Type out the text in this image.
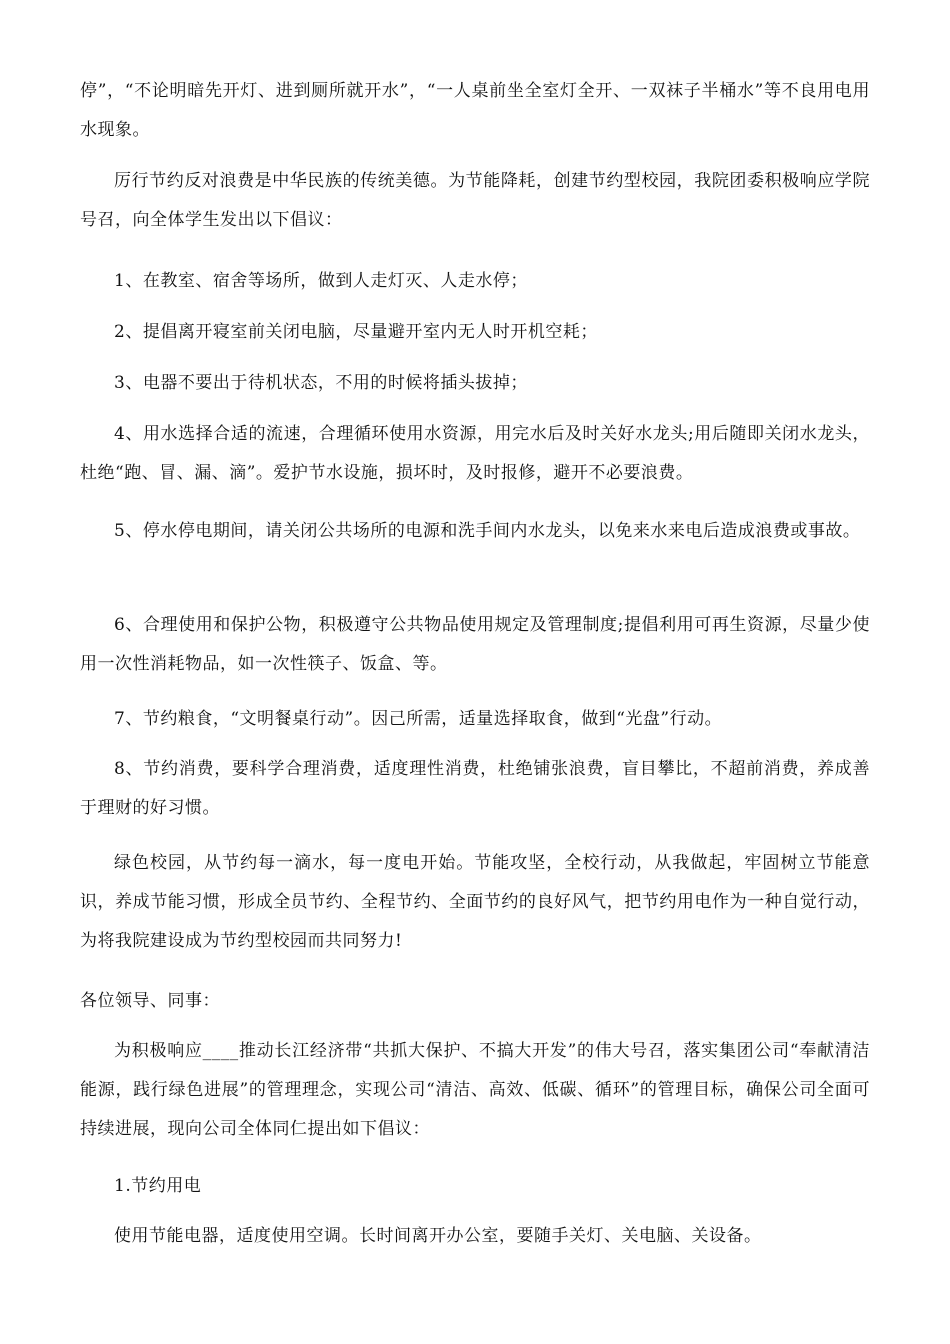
停”，“不论明暗先开灯、进到厕所就开水”，“一人桌前坐全室灯全开、一双袜子半桶水”等不良用电用水现象。

厉行节约反对浪费是中华民族的传统美德。为节能降耗，创建节约型校园，我院团委积极响应学院号召，向全体学生发出以下倡议：

1、在教室、宿舍等场所，做到人走灯灭、人走水停；

2、提倡离开寝室前关闭电脑，尽量避开室内无人时开机空耗；

3、电器不要出于待机状态，不用的时候将插头拔掉；

4、用水选择合适的流速，合理循环使用水资源，用完水后及时关好水龙头;用后随即关闭水龙头，杜绝“跑、冒、漏、滴”。爱护节水设施，损坏时，及时报修，避开不必要浪费。

5、停水停电期间，请关闭公共场所的电源和洗手间内水龙头，以免来水来电后造成浪费或事故。

6、合理使用和保护公物，积极遵守公共物品使用规定及管理制度;提倡利用可再生资源，尽量少使用一次性消耗物品，如一次性筷子、饭盒、等。

7、节约粮食，“文明餐桌行动”。因己所需，适量选择取食，做到“光盘”行动。

8、节约消费，要科学合理消费，适度理性消费，杜绝铺张浪费，盲目攀比，不超前消费，养成善于理财的好习惯。

绿色校园，从节约每一滴水，每一度电开始。节能攻坚，全校行动，从我做起，牢固树立节能意识，养成节能习惯，形成全员节约、全程节约、全面节约的良好风气，把节约用电作为一种自觉行动，为将我院建设成为节约型校园而共同努力!

各位领导、同事：

为积极响应____推动长江经济带“共抓大保护、不搞大开发”的伟大号召，落实集团公司“奉献清洁能源，践行绿色进展”的管理理念，实现公司“清洁、高效、低碳、循环”的管理目标，确保公司全面可持续进展，现向公司全体同仁提出如下倡议：

1.节约用电

使用节能电器，适度使用空调。长时间离开办公室，要随手关灯、关电脑、关设备。
